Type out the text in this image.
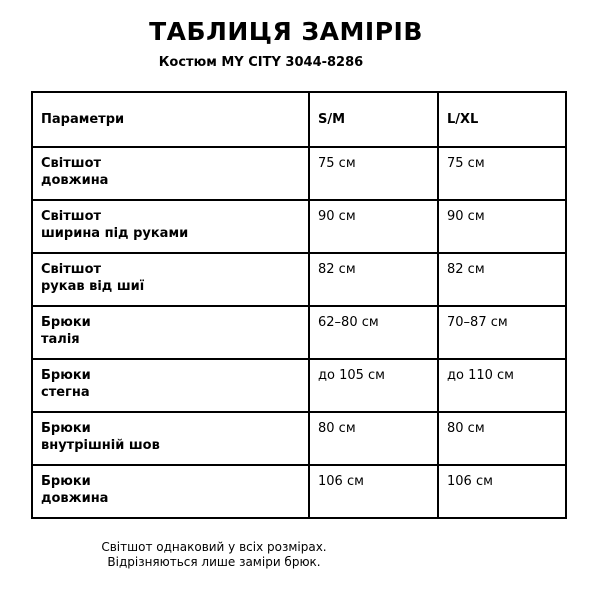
ТАБЛИЦЯ ЗАМІРІВ
Костюм MY CITY 3044-8286
Параметри	S/M	L/XL

Світшот
довжина	75 см	75 см

Світшот
ширина під руками	90 см	90 см

Світшот
рукав від шиї	82 см	82 см

Брюки
талія	62–80 см	70–87 см

Брюки
стегна	до 105 см	до 110 см

Брюки
внутрішній шов	80 см	80 см

Брюки
довжина	106 см	106 см
Світшот однаковий у всіх розмірах.
Відрізняються лише заміри брюк.
